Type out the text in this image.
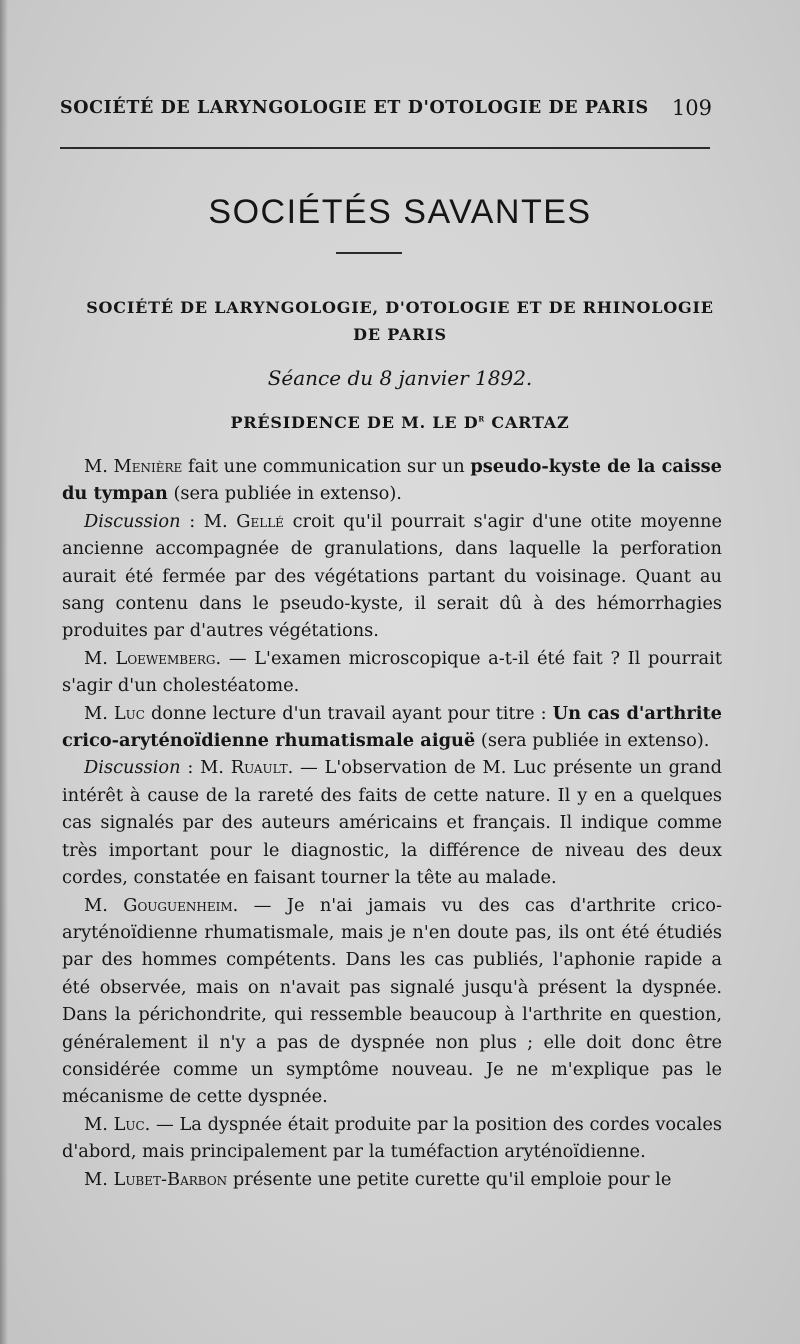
SOCIÉTÉ DE LARYNGOLOGIE ET D'OTOLOGIE DE PARIS	109
SOCIÉTÉS SAVANTES
SOCIÉTÉ DE LARYNGOLOGIE, D'OTOLOGIE ET DE RHINOLOGIE
DE PARIS
Séance du 8 janvier 1892.
PRÉSIDENCE DE M. LE $D^r$ CARTAZ

M. Menière fait une communication sur un pseudo-kyste de la caisse du tympan (sera publiée in extenso).

Discussion : M. Gellé croit qu'il pourrait s'agir d'une otite moyenne ancienne accompagnée de granulations, dans laquelle la perforation aurait été fermée par des végétations partant du voisinage. Quant au sang contenu dans le pseudo-kyste, il serait dû à des hémorrhagies produites par d'autres végétations.

M. Loewemberg. — L'examen microscopique a-t-il été fait ? Il pourrait s'agir d'un cholestéatome.

M. Luc donne lecture d'un travail ayant pour titre : Un cas d'arthrite crico-aryténoïdienne rhumatismale aiguë (sera publiée in extenso).

Discussion : M. Ruault. — L'observation de M. Luc présente un grand intérêt à cause de la rareté des faits de cette nature. Il y en a quelques cas signalés par des auteurs américains et français. Il indique comme très important pour le diagnostic, la différence de niveau des deux cordes, constatée en faisant tourner la tête au malade.

M. Gouguenheim. — Je n'ai jamais vu des cas d'arthrite crico-aryténoïdienne rhumatismale, mais je n'en doute pas, ils ont été étudiés par des hommes compétents. Dans les cas publiés, l'aphonie rapide a été observée, mais on n'avait pas signalé jusqu'à présent la dyspnée. Dans la périchondrite, qui ressemble beaucoup à l'arthrite en question, généralement il n'y a pas de dyspnée non plus ; elle doit donc être considérée comme un symptôme nouveau. Je ne m'explique pas le mécanisme de cette dyspnée.

M. Luc. — La dyspnée était produite par la position des cordes vocales d'abord, mais principalement par la tuméfaction aryténoïdienne.

M. Lubet-Barbon présente une petite curette qu'il emploie pour le
